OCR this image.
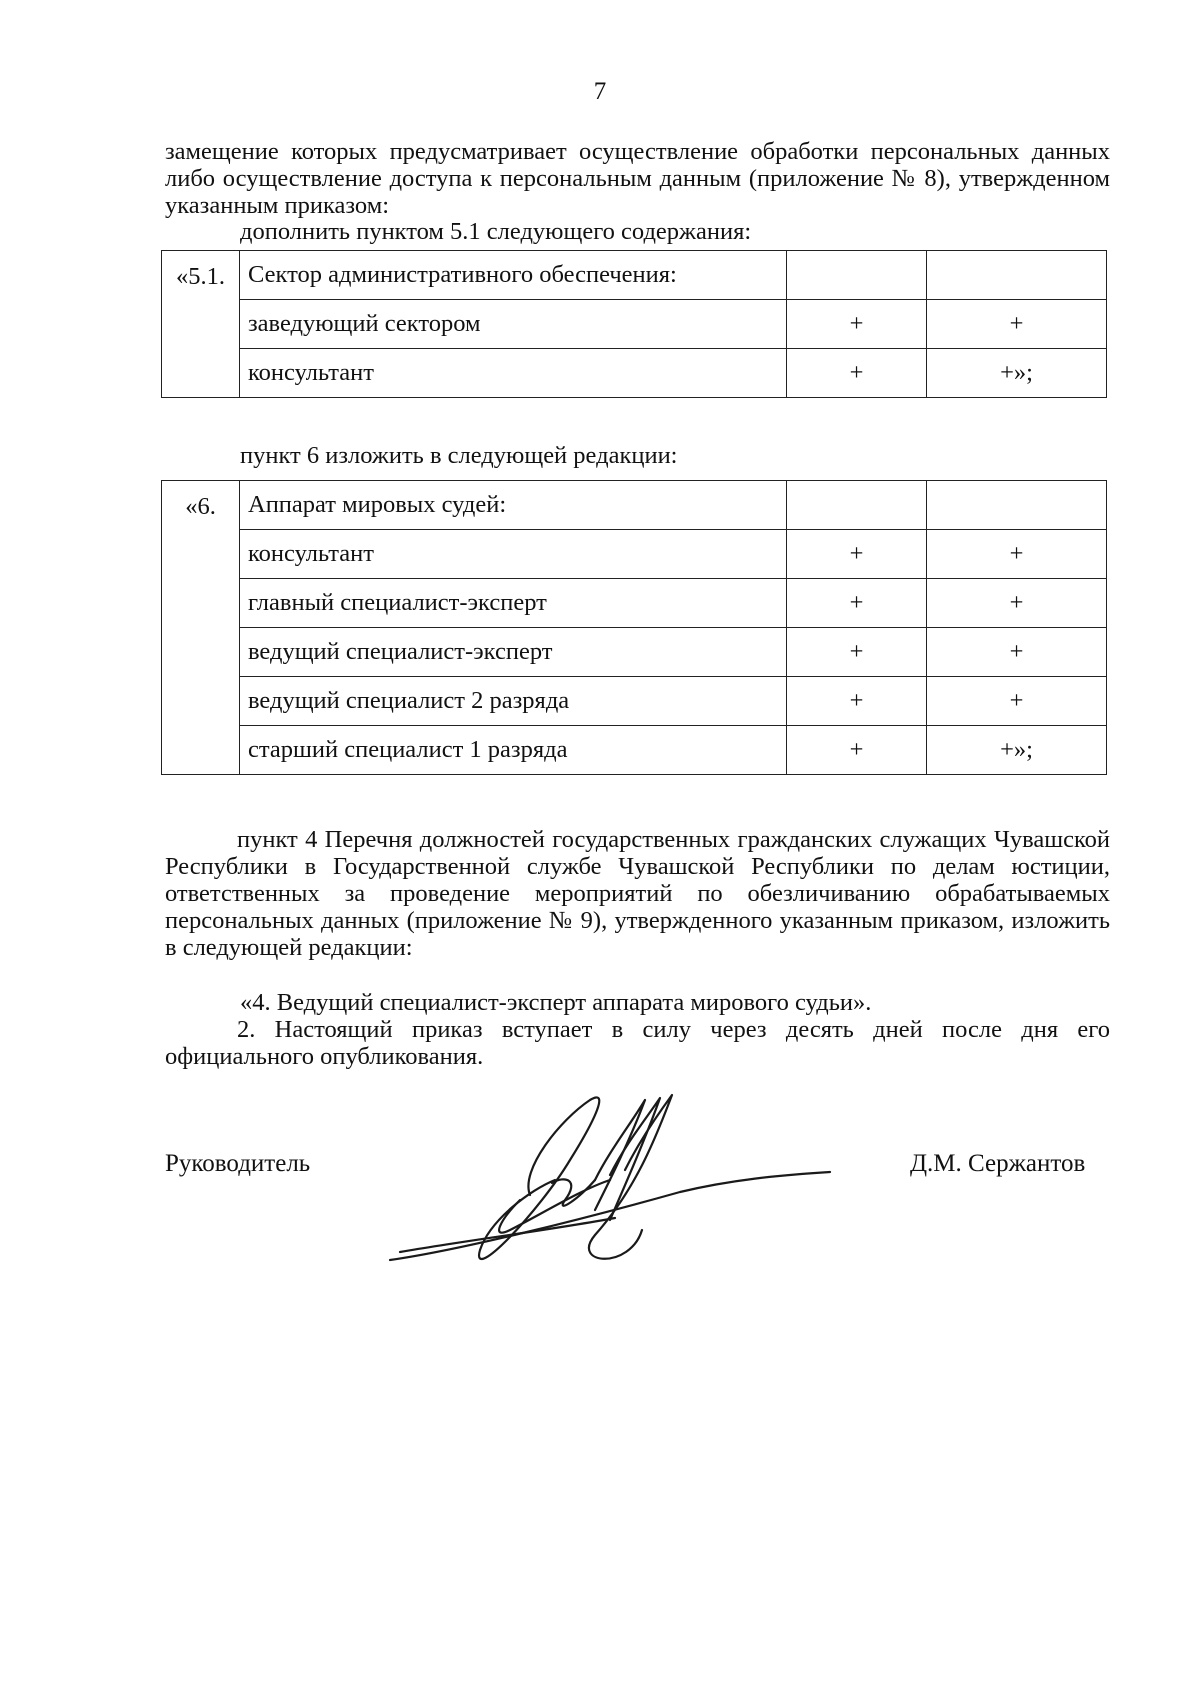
7

замещение которых предусматривает осуществление обработки персональных данных либо осуществление доступа к персональным данным (приложение № 8), утвержденном указанным приказом:

дополнить пунктом 5.1 следующего содержания:

«5.1.	Сектор административного обеспечения:		
	заведующий сектором	+	+
	консультант	+	+»;

пункт 6 изложить в следующей редакции:

«6.	Аппарат мировых судей:		
	консультант	+	+
	главный специалист-эксперт	+	+
	ведущий специалист-эксперт	+	+
	ведущий специалист 2 разряда	+	+
	старший специалист 1 разряда	+	+»;

пункт 4 Перечня должностей государственных гражданских служащих Чувашской Республики в Государственной службе Чувашской Республики по делам юстиции, ответственных за проведение мероприятий по обезличиванию обрабатываемых персональных данных (приложение № 9), утвержденного указанным приказом, изложить в следующей редакции:

«4. Ведущий специалист-эксперт аппарата мирового судьи».

2. Настоящий приказ вступает в силу через десять дней после дня его официального опубликования.

Руководитель	Д.М. Сержантов
